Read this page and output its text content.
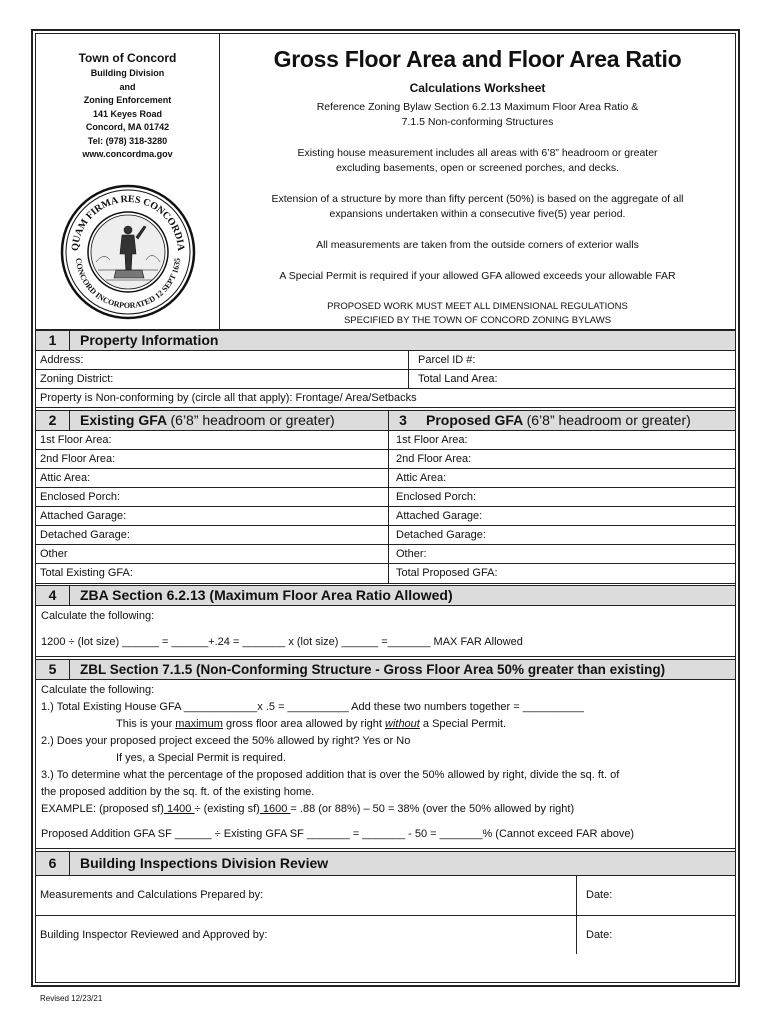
Town of Concord
Building Division
and
Zoning Enforcement
141 Keyes Road
Concord, MA 01742
Tel: (978) 318-3280
www.concordma.gov
QUAM FIRMA RES CONCORDIA
CONCORD INCORPORATED 12 SEPT 1635
Gross Floor Area and Floor Area Ratio
Calculations Worksheet
Reference Zoning Bylaw Section 6.2.13 Maximum Floor Area Ratio &
7.1.5 Non-conforming Structures
Existing house measurement includes all areas with 6’8” headroom or greater
excluding basements, open or screened porches, and decks.
Extension of a structure by more than fifty percent (50%) is based on the aggregate of all
expansions undertaken within a consecutive five(5) year period.
All measurements are taken from the outside corners of exterior walls
A Special Permit is required if your allowed GFA allowed exceeds your allowable FAR
PROPOSED WORK MUST MEET ALL DIMENSIONAL REGULATIONS
SPECIFIED BY THE TOWN OF CONCORD ZONING BYLAWS
1	Property Information
Address:	Parcel ID #:
Zoning District:	Total Land Area:
Property is Non-conforming by (circle all that apply): Frontage/ Area/Setbacks
2	Existing GFA (6’8” headroom or greater)	3	Proposed GFA (6’8” headroom or greater)
1st Floor Area:	1st Floor Area:
2nd Floor Area:	2nd Floor Area:
Attic Area:	Attic Area:
Enclosed Porch:	Enclosed Porch:
Attached Garage:	Attached Garage:
Detached Garage:	Detached Garage:
Other	Other:
Total Existing GFA:	Total Proposed GFA:
4	ZBA Section 6.2.13 (Maximum Floor Area Ratio Allowed)
Calculate the following:
1200 ÷ (lot size) ______ = ______+.24 = _______ x (lot size) ______ =_______ MAX FAR Allowed
5	ZBL Section 7.1.5 (Non-Conforming Structure - Gross Floor Area 50% greater than existing)
Calculate the following:
1.) Total Existing House GFA ____________x .5 = __________ Add these two numbers together = __________
This is your maximum gross floor area allowed by right without a Special Permit.
2.) Does your proposed project exceed the 50% allowed by right? Yes or No
If yes, a Special Permit is required.
3.) To determine what the percentage of the proposed addition that is over the 50% allowed by right, divide the sq. ft. of
the proposed addition by the sq. ft. of the existing home.
EXAMPLE: (proposed sf) 1400 ÷ (existing sf) 1600 = .88 (or 88%) – 50 = 38% (over the 50% allowed by right)
Proposed Addition GFA SF ______ ÷ Existing GFA SF _______ = _______ - 50 = _______% (Cannot exceed FAR above)
6	Building Inspections Division Review
Measurements and Calculations Prepared by:	Date:
Building Inspector Reviewed and Approved by:	Date:
Revised 12/23/21
